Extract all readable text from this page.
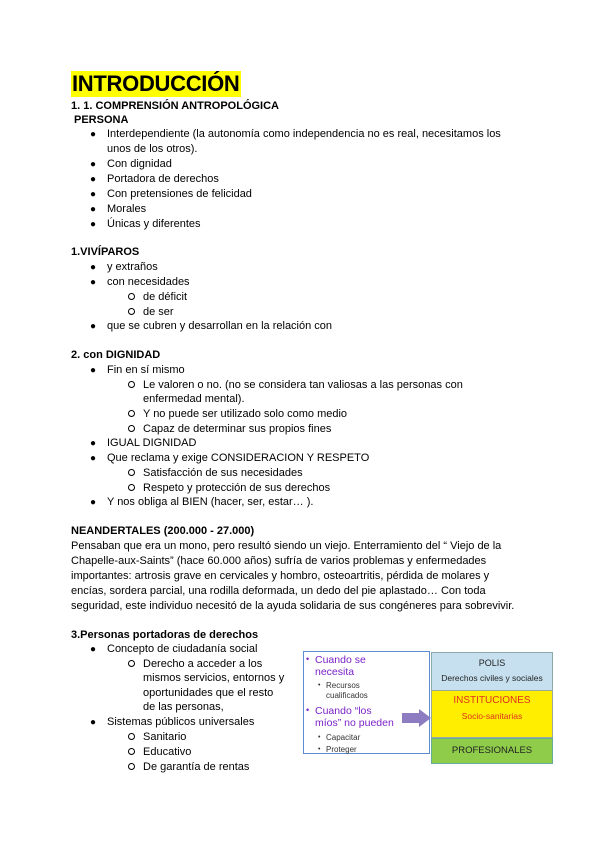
INTRODUCCIÓN
1. 1. COMPRENSIÓN ANTROPOLÓGICA
PERSONA
● Interdependiente (la autonomía como independencia no es real, necesitamos los
unos de los otros).
● Con dignidad
● Portadora de derechos
● Con pretensiones de felicidad
● Morales
● Únicas y diferentes
1.VIVÍPAROS
● y extraños
● con necesidades
de déficit
de ser
● que se cubren y desarrollan en la relación con
2. con DIGNIDAD
● Fin en sí mismo
Le valoren o no. (no se considera tan valiosas a las personas con
enfermedad mental).
Y no puede ser utilizado solo como medio
Capaz de determinar sus propios fines
● IGUAL DIGNIDAD
● Que reclama y exige CONSIDERACION Y RESPETO
Satisfacción de sus necesidades
Respeto y protección de sus derechos
● Y nos obliga al BIEN (hacer, ser, estar… ).
NEANDERTALES (200.000 - 27.000)
Pensaban que era un mono, pero resultó siendo un viejo. Enterramiento del “ Viejo de la
Chapelle-aux-Saints” (hace 60.000 años) sufría de varios problemas y enfermedades
importantes: artrosis grave en cervicales y hombro, osteoartritis, pérdida de molares y
encías, sordera parcial, una rodilla deformada, un dedo del pie aplastado… Con toda
seguridad, este individuo necesitó de la ayuda solidaria de sus congéneres para sobrevivir.
3.Personas portadoras de derechos
● Concepto de ciudadanía social
Derecho a acceder a los
mismos servicios, entornos y
oportunidades que el resto
de las personas,
● Sistemas públicos universales
Sanitario
Educativo
De garantía de rentas
• Cuando se
necesita
• Recursos
cualificados
• Cuando “los
míos” no pueden
• Capacitar
• Proteger
POLIS
Derechos civiles y sociales
INSTITUCIONES
Socio-sanitarias
PROFESIONALES
